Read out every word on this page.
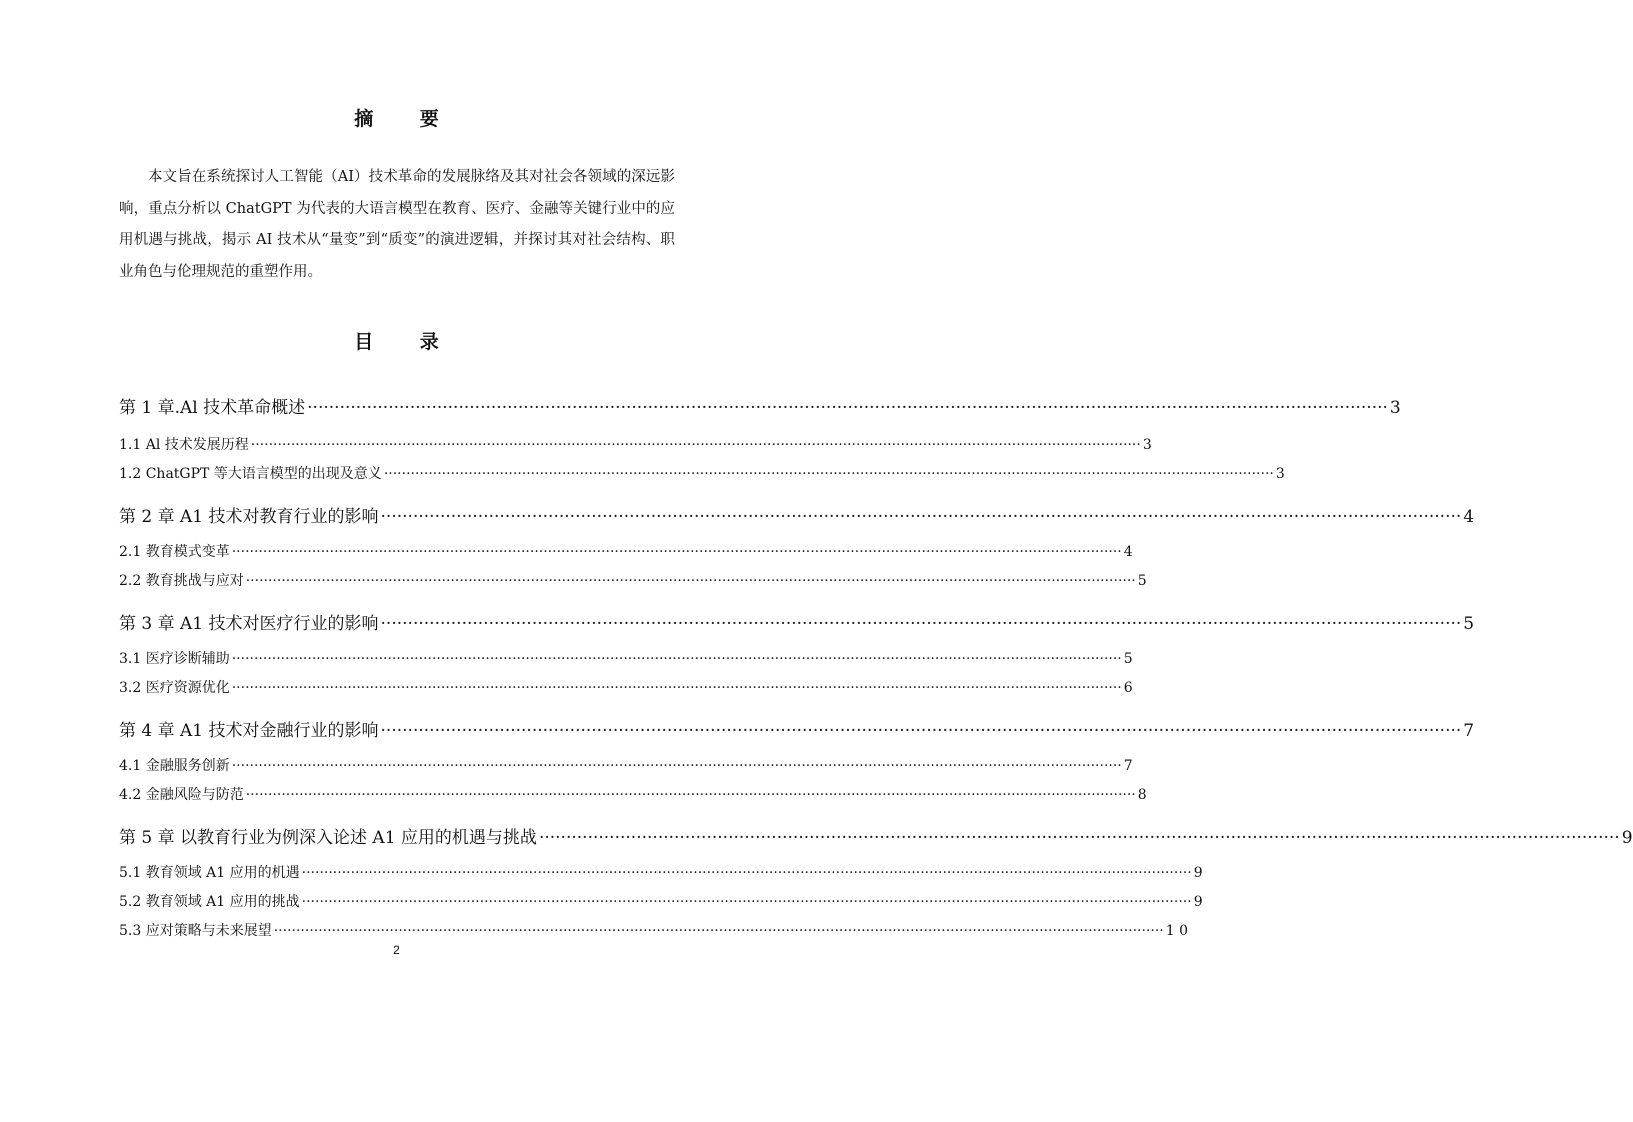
摘 要
本文旨在系统探讨人工智能（AI）技术革命的发展脉络及其对社会各领域的深远影响，重点分析以 ChatGPT 为代表的大语言模型在教育、医疗、金融等关键行业中的应用机遇与挑战，揭示 AI 技术从“量变”到“质变”的演进逻辑，并探讨其对社会结构、职业角色与伦理规范的重塑作用。
目 录
第 1 章.Al 技术革命概述 ········································································································································································································ 3
1.1 Al 技术发展历程 ········································································································································································································ 3
1.2 ChatGPT 等大语言模型的出现及意义 ········································································································································································································ 3
第 2 章 A1 技术对教育行业的影响 ········································································································································································································ 4
2.1 教育模式变革 ········································································································································································································ 4
2.2 教育挑战与应对 ········································································································································································································ 5
第 3 章 A1 技术对医疗行业的影响 ········································································································································································································ 5
3.1 医疗诊断辅助 ········································································································································································································ 5
3.2 医疗资源优化 ········································································································································································································ 6
第 4 章 A1 技术对金融行业的影响 ········································································································································································································ 7
4.1 金融服务创新 ········································································································································································································ 7
4.2 金融风险与防范 ········································································································································································································ 8
第 5 章 以教育行业为例深入论述 A1 应用的机遇与挑战 ········································································································································································································ 9
5.1 教育领域 A1 应用的机遇 ········································································································································································································ 9
5.2 教育领域 A1 应用的挑战 ········································································································································································································ 9
5.3 应对策略与未来展望 ········································································································································································································ 1 0
2
